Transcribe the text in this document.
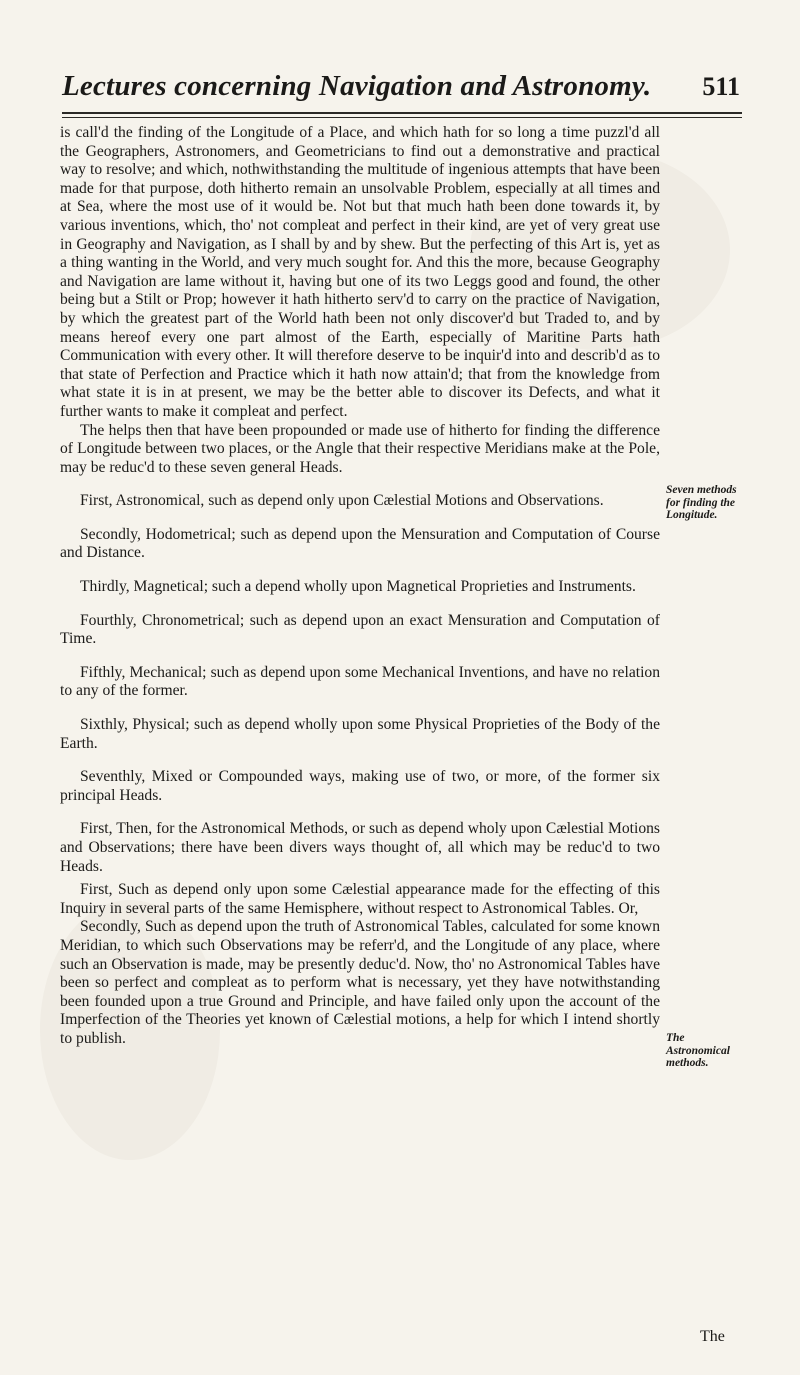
Lectures concerning Navigation and Astronomy. 511

is call'd the finding of the Longitude of a Place, and which hath for so long a time puzzl'd all the Geographers, Astronomers, and Geometricians to find out a demonstrative and practical way to resolve; and which, nothwithstanding the multitude of ingenious attempts that have been made for that purpose, doth hitherto remain an unsolvable Problem, especially at all times and at Sea, where the most use of it would be. Not but that much hath been done towards it, by various inventions, which, tho' not compleat and perfect in their kind, are yet of very great use in Geography and Navigation, as I shall by and by shew. But the perfecting of this Art is, yet as a thing wanting in the World, and very much sought for. And this the more, because Geography and Navigation are lame without it, having but one of its two Leggs good and found, the other being but a Stilt or Prop; however it hath hitherto serv'd to carry on the practice of Navigation, by which the greatest part of the World hath been not only discover'd but Traded to, and by means hereof every one part almost of the Earth, especially of Maritine Parts hath Communication with every other. It will therefore deserve to be inquir'd into and describ'd as to that state of Perfection and Practice which it hath now attain'd; that from the knowledge from what state it is in at present, we may be the better able to discover its Defects, and what it further wants to make it compleat and perfect.

The helps then that have been propounded or made use of hitherto for finding the difference of Longitude between two places, or the Angle that their respective Meridians make at the Pole, may be reduc'd to these seven general Heads.

First, Astronomical, such as depend only upon Cælestial Motions and Observations.

Secondly, Hodometrical; such as depend upon the Mensuration and Computation of Course and Distance.

Thirdly, Magnetical; such a depend wholly upon Magnetical Proprieties and Instruments.

Fourthly, Chronometrical; such as depend upon an exact Mensuration and Computation of Time.

Fifthly, Mechanical; such as depend upon some Mechanical Inventions, and have no relation to any of the former.

Sixthly, Physical; such as depend wholly upon some Physical Proprieties of the Body of the Earth.

Seventhly, Mixed or Compounded ways, making use of two, or more, of the former six principal Heads.

First, Then, for the Astronomical Methods, or such as depend wholy upon Cælestial Motions and Observations; there have been divers ways thought of, all which may be reduc'd to two Heads.

First, Such as depend only upon some Cælestial appearance made for the effecting of this Inquiry in several parts of the same Hemisphere, without respect to Astronomical Tables. Or,

Secondly, Such as depend upon the truth of Astronomical Tables, calculated for some known Meridian, to which such Observations may be referr'd, and the Longitude of any place, where such an Observation is made, may be presently deduc'd. Now, tho' no Astronomical Tables have been so perfect and compleat as to perform what is necessary, yet they have notwithstanding been founded upon a true Ground and Principle, and have failed only upon the account of the Imperfection of the Theories yet known of Cælestial motions, a help for which I intend shortly to publish.

Seven methods for finding the Longitude.
The Astronomical methods.
The
